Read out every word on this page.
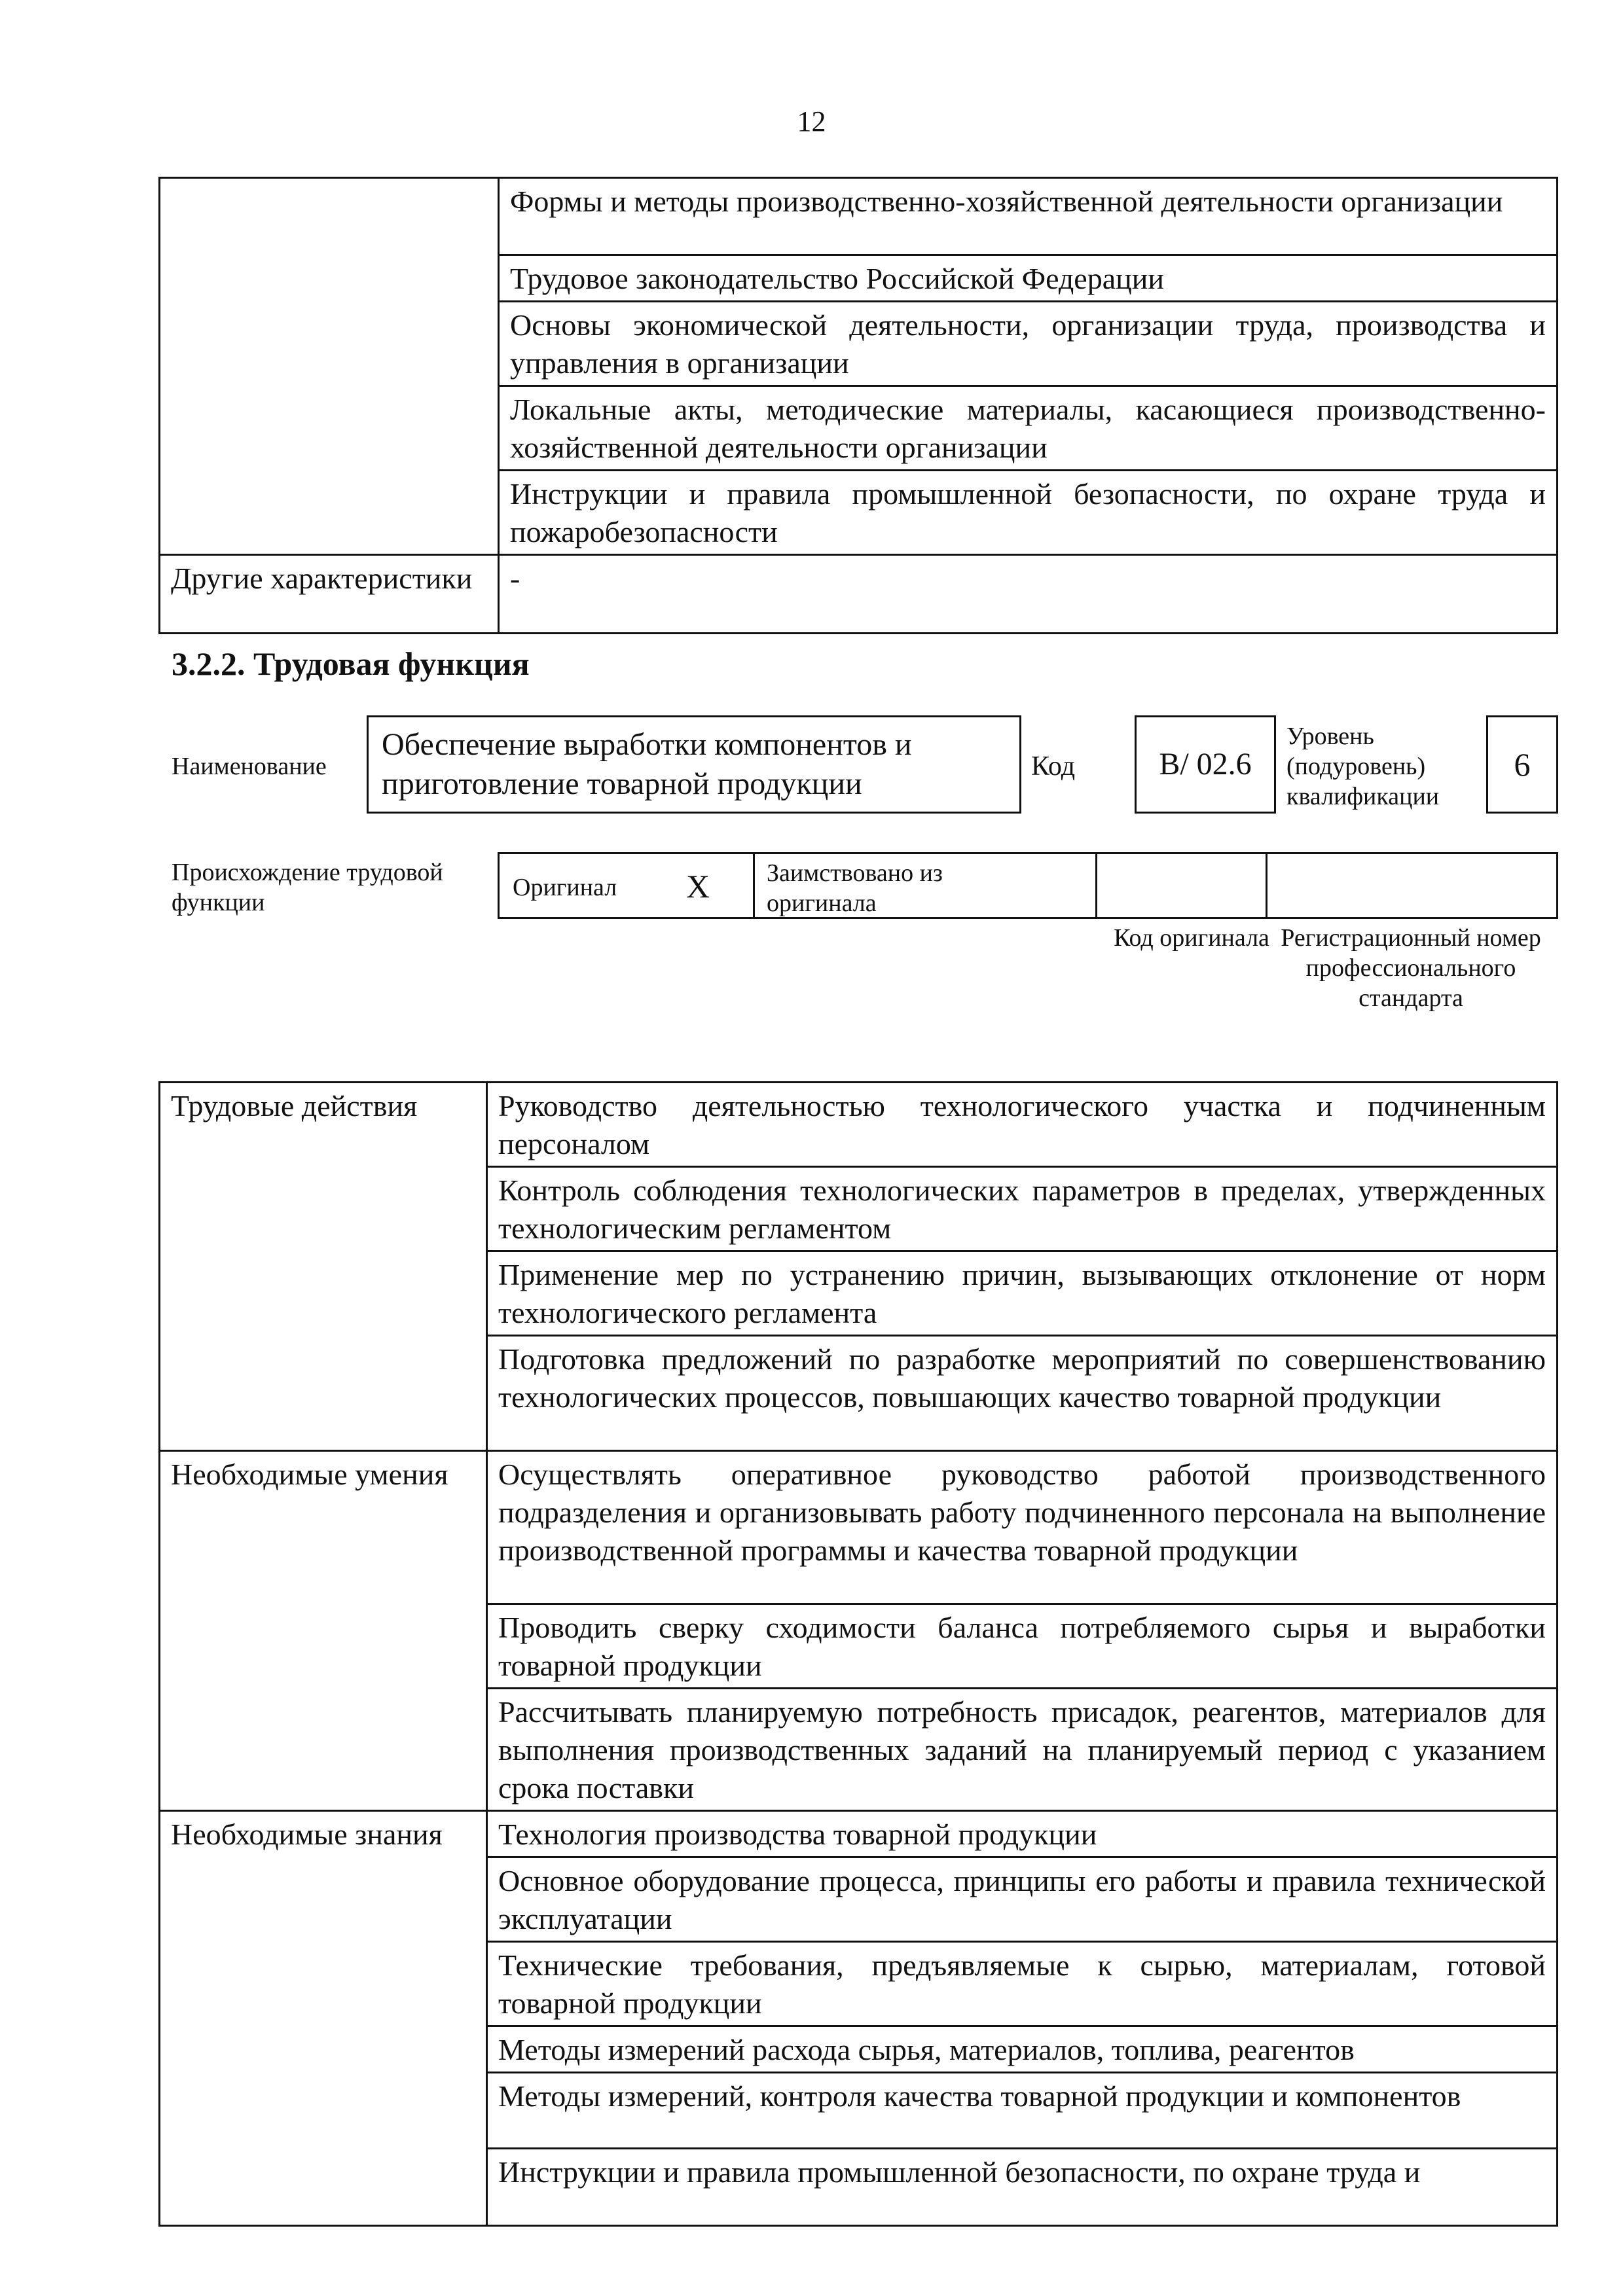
12
	Формы и методы производственно-хозяйственной деятельности организации
	Трудовое законодательство Российской Федерации
	Основы экономической деятельности, организации труда, производства и управления в организации
	Локальные акты, методические материалы, касающиеся производственно-хозяйственной деятельности организации
	Инструкции и правила промышленной безопасности, по охране труда и пожаробезопасности
Другие характеристики	-
3.2.2. Трудовая функция
Наименование
Обеспечение выработки компонентов и приготовление товарной продукции	Код	B/ 02.6
Уровень (подуровень) квалификации
6
Происхождение трудовой функции
Оригинал X Заимствовано из оригинала
Код оригинала Регистрационный номер профессионального стандарта
Трудовые действия	Руководство деятельностью технологического участка и подчиненным персоналом
	Контроль соблюдения технологических параметров в пределах, утвержденных технологическим регламентом
	Применение мер по устранению причин, вызывающих отклонение от норм технологического регламента
	Подготовка предложений по разработке мероприятий по совершенствованию технологических процессов, повышающих качество товарной продукции
Необходимые умения	Осуществлять оперативное руководство работой производственного подразделения и организовывать работу подчиненного персонала на выполнение производственной программы и качества товарной продукции
	Проводить сверку сходимости баланса потребляемого сырья и выработки товарной продукции
	Рассчитывать планируемую потребность присадок, реагентов, материалов для выполнения производственных заданий на планируемый период с указанием срока поставки
Необходимые знания	Технология производства товарной продукции
	Основное оборудование процесса, принципы его работы и правила технической эксплуатации
	Технические требования, предъявляемые к сырью, материалам, готовой товарной продукции
	Методы измерений расхода сырья, материалов, топлива, реагентов
	Методы измерений, контроля качества товарной продукции и компонентов
	Инструкции и правила промышленной безопасности, по охране труда и
